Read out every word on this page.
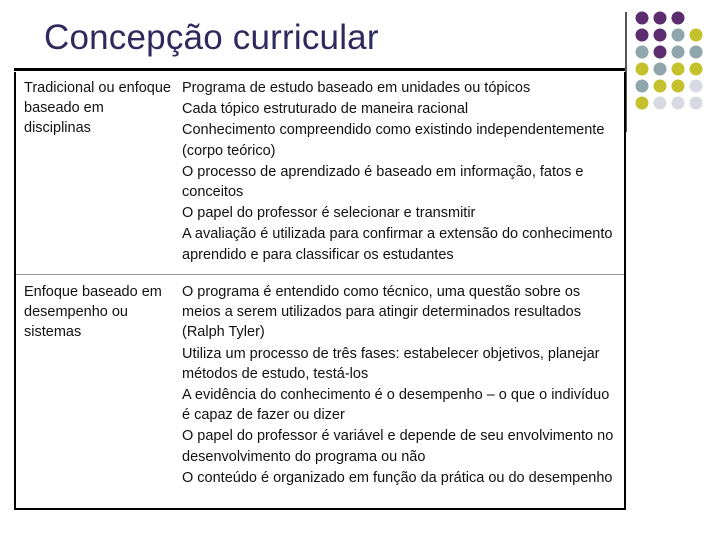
Concepção curricular
Tradicional ou enfoque baseado em disciplinas

Programa de estudo baseado em unidades ou tópicos

Cada tópico estruturado de maneira racional

Conhecimento compreendido como existindo independentemente (corpo teórico)

O processo de aprendizado é baseado em informação, fatos e conceitos

O papel do professor é selecionar e transmitir

A avaliação é utilizada para confirmar a extensão do conhecimento aprendido e para classificar os estudantes

Enfoque baseado em desempenho ou sistemas

O programa é entendido como técnico, uma questão sobre os meios a serem utilizados para atingir determinados resultados (Ralph Tyler)

Utiliza um processo de três fases: estabelecer objetivos, planejar métodos de estudo, testá-los

A evidência do conhecimento é o desempenho – o que o indivíduo é capaz de fazer ou dizer

O papel do professor é variável e depende de seu envolvimento no desenvolvimento do programa ou não

O conteúdo é organizado em função da prática ou do desempenho
